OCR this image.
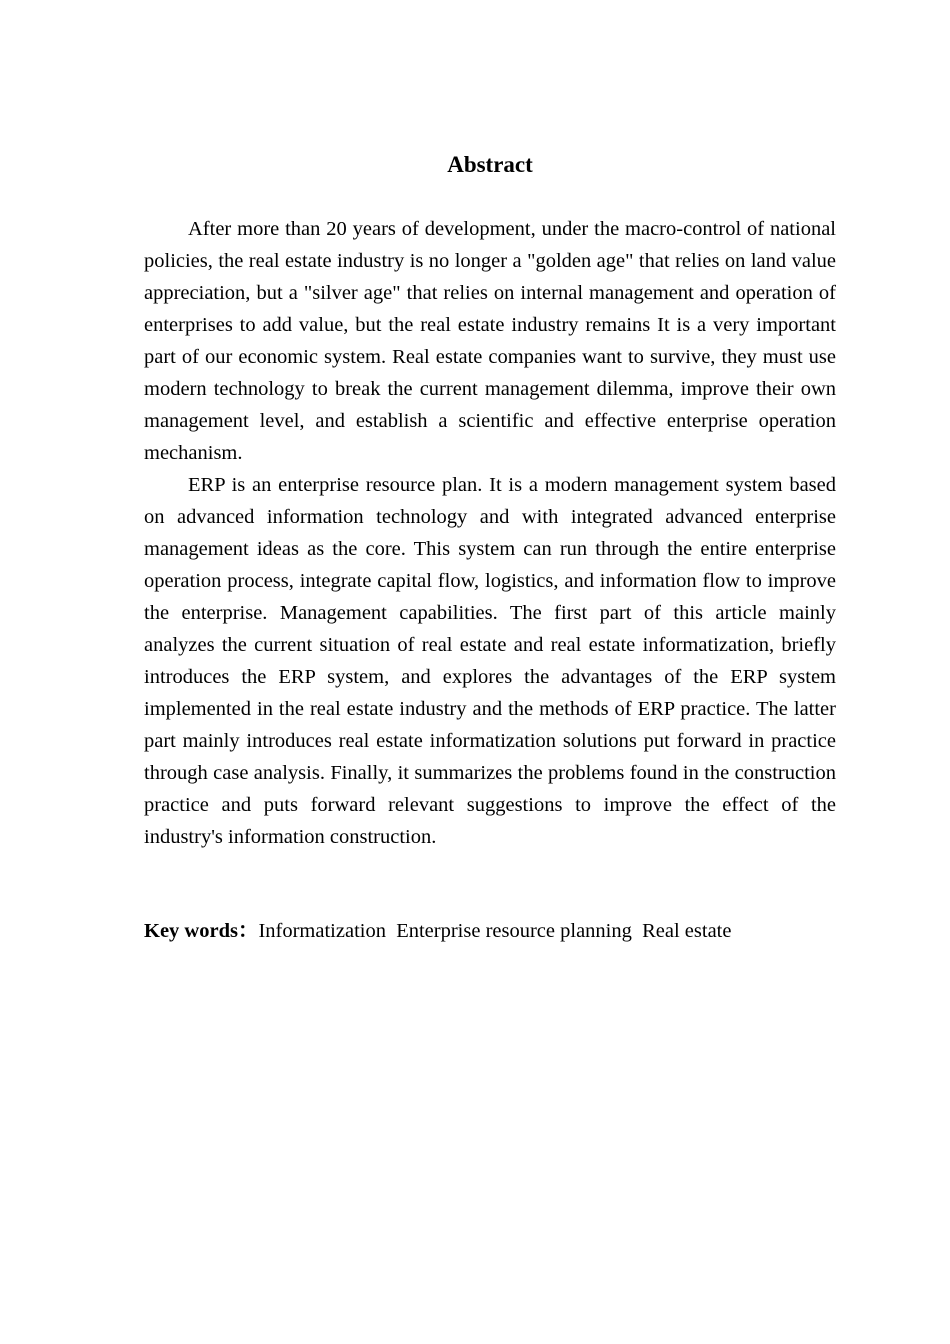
Abstract

After more than 20 years of development, under the macro-control of national policies, the real estate industry is no longer a "golden age" that relies on land value appreciation, but a "silver age" that relies on internal management and operation of enterprises to add value, but the real estate industry remains It is a very important part of our economic system. Real estate companies want to survive, they must use modern technology to break the current management dilemma, improve their own management level, and establish a scientific and effective enterprise operation mechanism.

ERP is an enterprise resource plan. It is a modern management system based on advanced information technology and with integrated advanced enterprise management ideas as the core. This system can run through the entire enterprise operation process, integrate capital flow, logistics, and information flow to improve the enterprise. Management capabilities. The first part of this article mainly analyzes the current situation of real estate and real estate informatization, briefly introduces the ERP system, and explores the advantages of the ERP system implemented in the real estate industry and the methods of ERP practice. The latter part mainly introduces real estate informatization solutions put forward in practice through case analysis. Finally, it summarizes the problems found in the construction practice and puts forward relevant suggestions to improve the effect of the industry's information construction.

Key words：Informatization  Enterprise resource planning  Real estate
